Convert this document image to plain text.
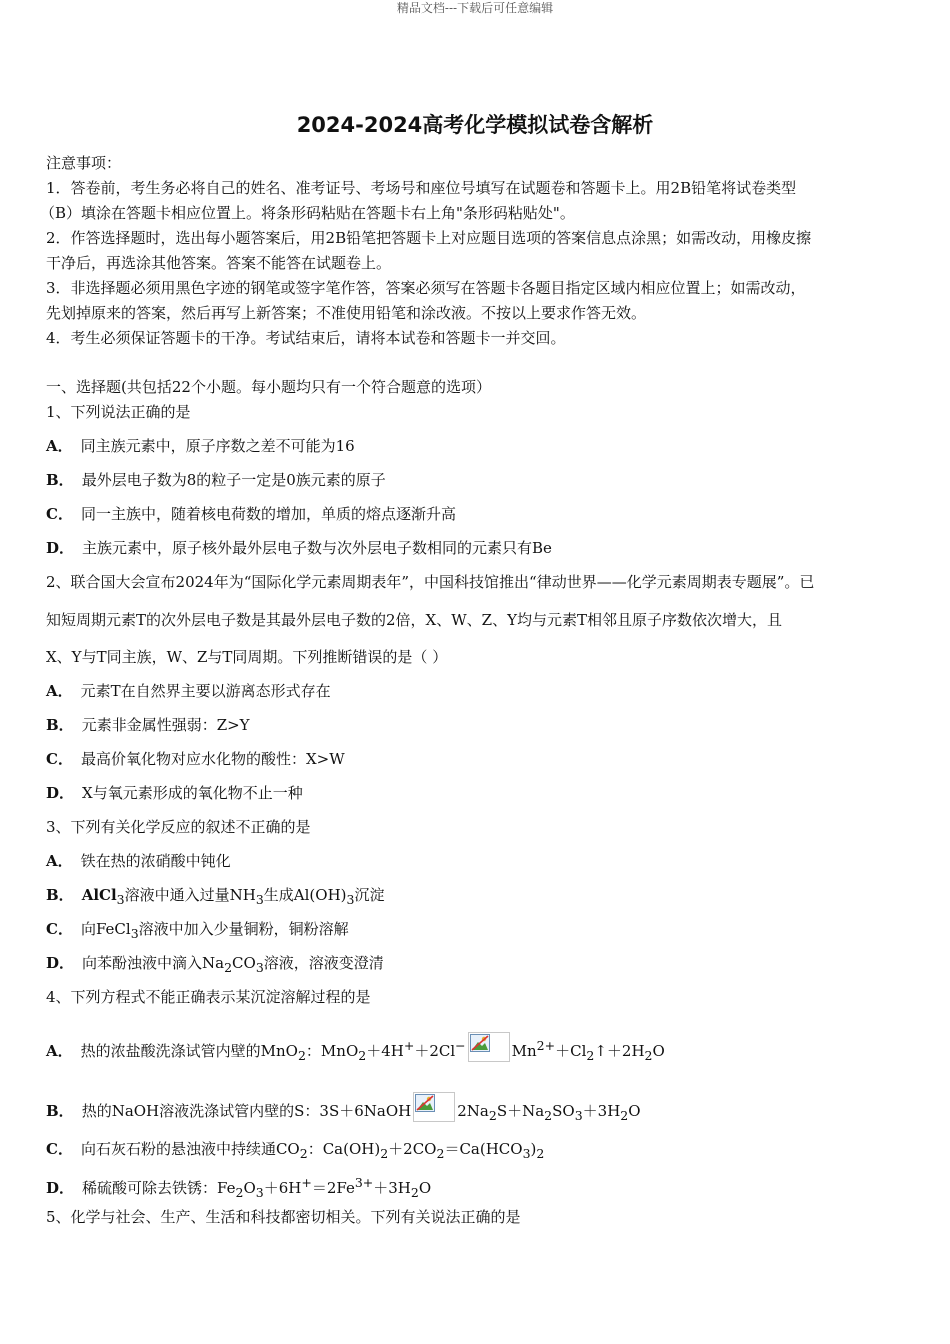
精品文档---下载后可任意编辑
2024-2024高考化学模拟试卷含解析
注意事项：
1．答卷前，考生务必将自己的姓名、准考证号、考场号和座位号填写在试题卷和答题卡上。用2B铅笔将试卷类型
（B）填涂在答题卡相应位置上。将条形码粘贴在答题卡右上角"条形码粘贴处"。
2．作答选择题时，选出每小题答案后，用2B铅笔把答题卡上对应题目选项的答案信息点涂黑；如需改动，用橡皮擦
干净后，再选涂其他答案。答案不能答在试题卷上。
3．非选择题必须用黑色字迹的钢笔或签字笔作答，答案必须写在答题卡各题目指定区域内相应位置上；如需改动，
先划掉原来的答案，然后再写上新答案；不准使用铅笔和涂改液。不按以上要求作答无效。
4．考生必须保证答题卡的干净。考试结束后，请将本试卷和答题卡一并交回。
一、选择题(共包括22个小题。每小题均只有一个符合题意的选项）
1、下列说法正确的是
A． 同主族元素中，原子序数之差不可能为16
B． 最外层电子数为8的粒子一定是0族元素的原子
C． 同一主族中，随着核电荷数的增加，单质的熔点逐渐升高
D． 主族元素中，原子核外最外层电子数与次外层电子数相同的元素只有Be
2、联合国大会宣布2024年为“国际化学元素周期表年”，中国科技馆推出“律动世界——化学元素周期表专题展”。已
知短周期元素T的次外层电子数是其最外层电子数的2倍，X、W、Z、Y均与元素T相邻且原子序数依次增大，且
X、Y与T同主族，W、Z与T同周期。下列推断错误的是（ ）
A． 元素T在自然界主要以游离态形式存在
B． 元素非金属性强弱：Z>Y
C． 最高价氧化物对应水化物的酸性：X>W
D． X与氧元素形成的氧化物不止一种
3、下列有关化学反应的叙述不正确的是
A． 铁在热的浓硝酸中钝化
B． AlCl$_3$溶液中通入过量$NH_3$生成$Al(OH)_3$沉淀
C． 向FeCl$_3$溶液中加入少量铜粉，铜粉溶解
D． 向苯酚浊液中滴入$Na_2CO_3$溶液，溶液变澄清
4、下列方程式不能正确表示某沉淀溶解过程的是
A． 热的浓盐酸洗涤试管内壁的MnO$_2$：MnO$_2$＋4H+＋2Cl−	$Mn^{2+}+Cl_2↑+2H_2O$
B． 热的NaOH溶液洗涤试管内壁的S：3S＋6NaOH	$2Na_2S+Na_2SO_3+3H_2O$
C． 向石灰石粉的悬浊液中持续通$CO_2$：$Ca(OH)_2+2CO_2=Ca(HCO_3)_2$
D． 稀硫酸可除去铁锈：$Fe_2O_3+6H^+=2Fe^{3+}+3H_2O$
5、化学与社会、生产、生活和科技都密切相关。下列有关说法正确的是
